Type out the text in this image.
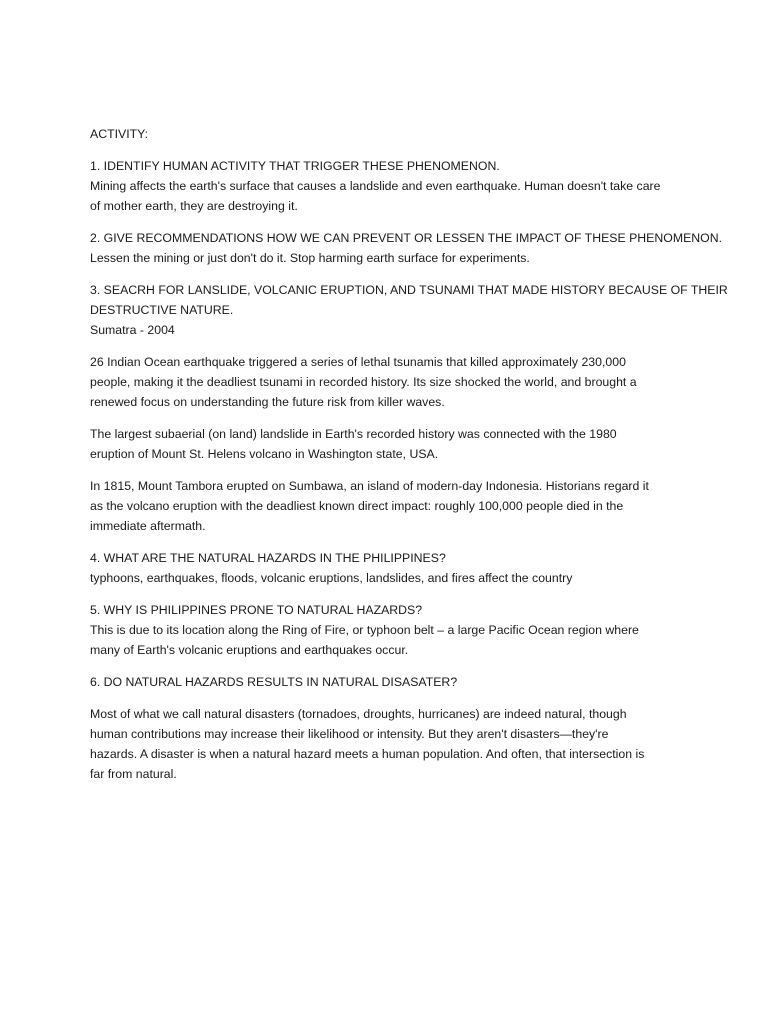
ACTIVITY:
1. IDENTIFY HUMAN ACTIVITY THAT TRIGGER THESE PHENOMENON.
Mining affects the earth's surface that causes a landslide and even earthquake. Human doesn't take care
of mother earth, they are destroying it.
2. GIVE RECOMMENDATIONS HOW WE CAN PREVENT OR LESSEN THE IMPACT OF THESE PHENOMENON.
Lessen the mining or just don't do it. Stop harming earth surface for experiments.
3. SEACRH FOR LANSLIDE, VOLCANIC ERUPTION, AND TSUNAMI THAT MADE HISTORY BECAUSE OF THEIR
DESTRUCTIVE NATURE.
Sumatra - 2004
26 Indian Ocean earthquake triggered a series of lethal tsunamis that killed approximately 230,000
people, making it the deadliest tsunami in recorded history. Its size shocked the world, and brought a
renewed focus on understanding the future risk from killer waves.
The largest subaerial (on land) landslide in Earth's recorded history was connected with the 1980
eruption of Mount St. Helens volcano in Washington state, USA.
In 1815, Mount Tambora erupted on Sumbawa, an island of modern-day Indonesia. Historians regard it
as the volcano eruption with the deadliest known direct impact: roughly 100,000 people died in the
immediate aftermath.
4. WHAT ARE THE NATURAL HAZARDS IN THE PHILIPPINES?
typhoons, earthquakes, floods, volcanic eruptions, landslides, and fires affect the country
5. WHY IS PHILIPPINES PRONE TO NATURAL HAZARDS?
This is due to its location along the Ring of Fire, or typhoon belt – a large Pacific Ocean region where
many of Earth's volcanic eruptions and earthquakes occur.
6. DO NATURAL HAZARDS RESULTS IN NATURAL DISASATER?
Most of what we call natural disasters (tornadoes, droughts, hurricanes) are indeed natural, though
human contributions may increase their likelihood or intensity. But they aren't disasters—they're
hazards. A disaster is when a natural hazard meets a human population. And often, that intersection is
far from natural.
